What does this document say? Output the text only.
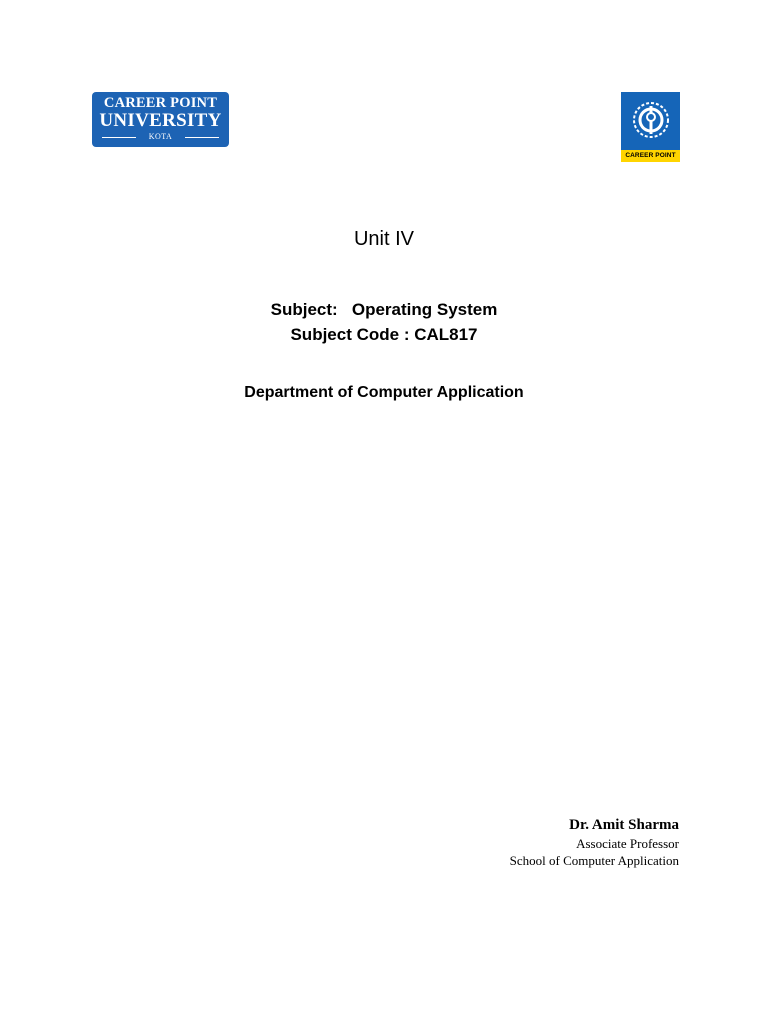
CAREER POINT
UNIVERSITY
KOTA
CAREER POINT
Unit IV
Subject:   Operating System
Subject Code : CAL817
Department of Computer Application
Dr. Amit Sharma
Associate Professor
School of Computer Application
